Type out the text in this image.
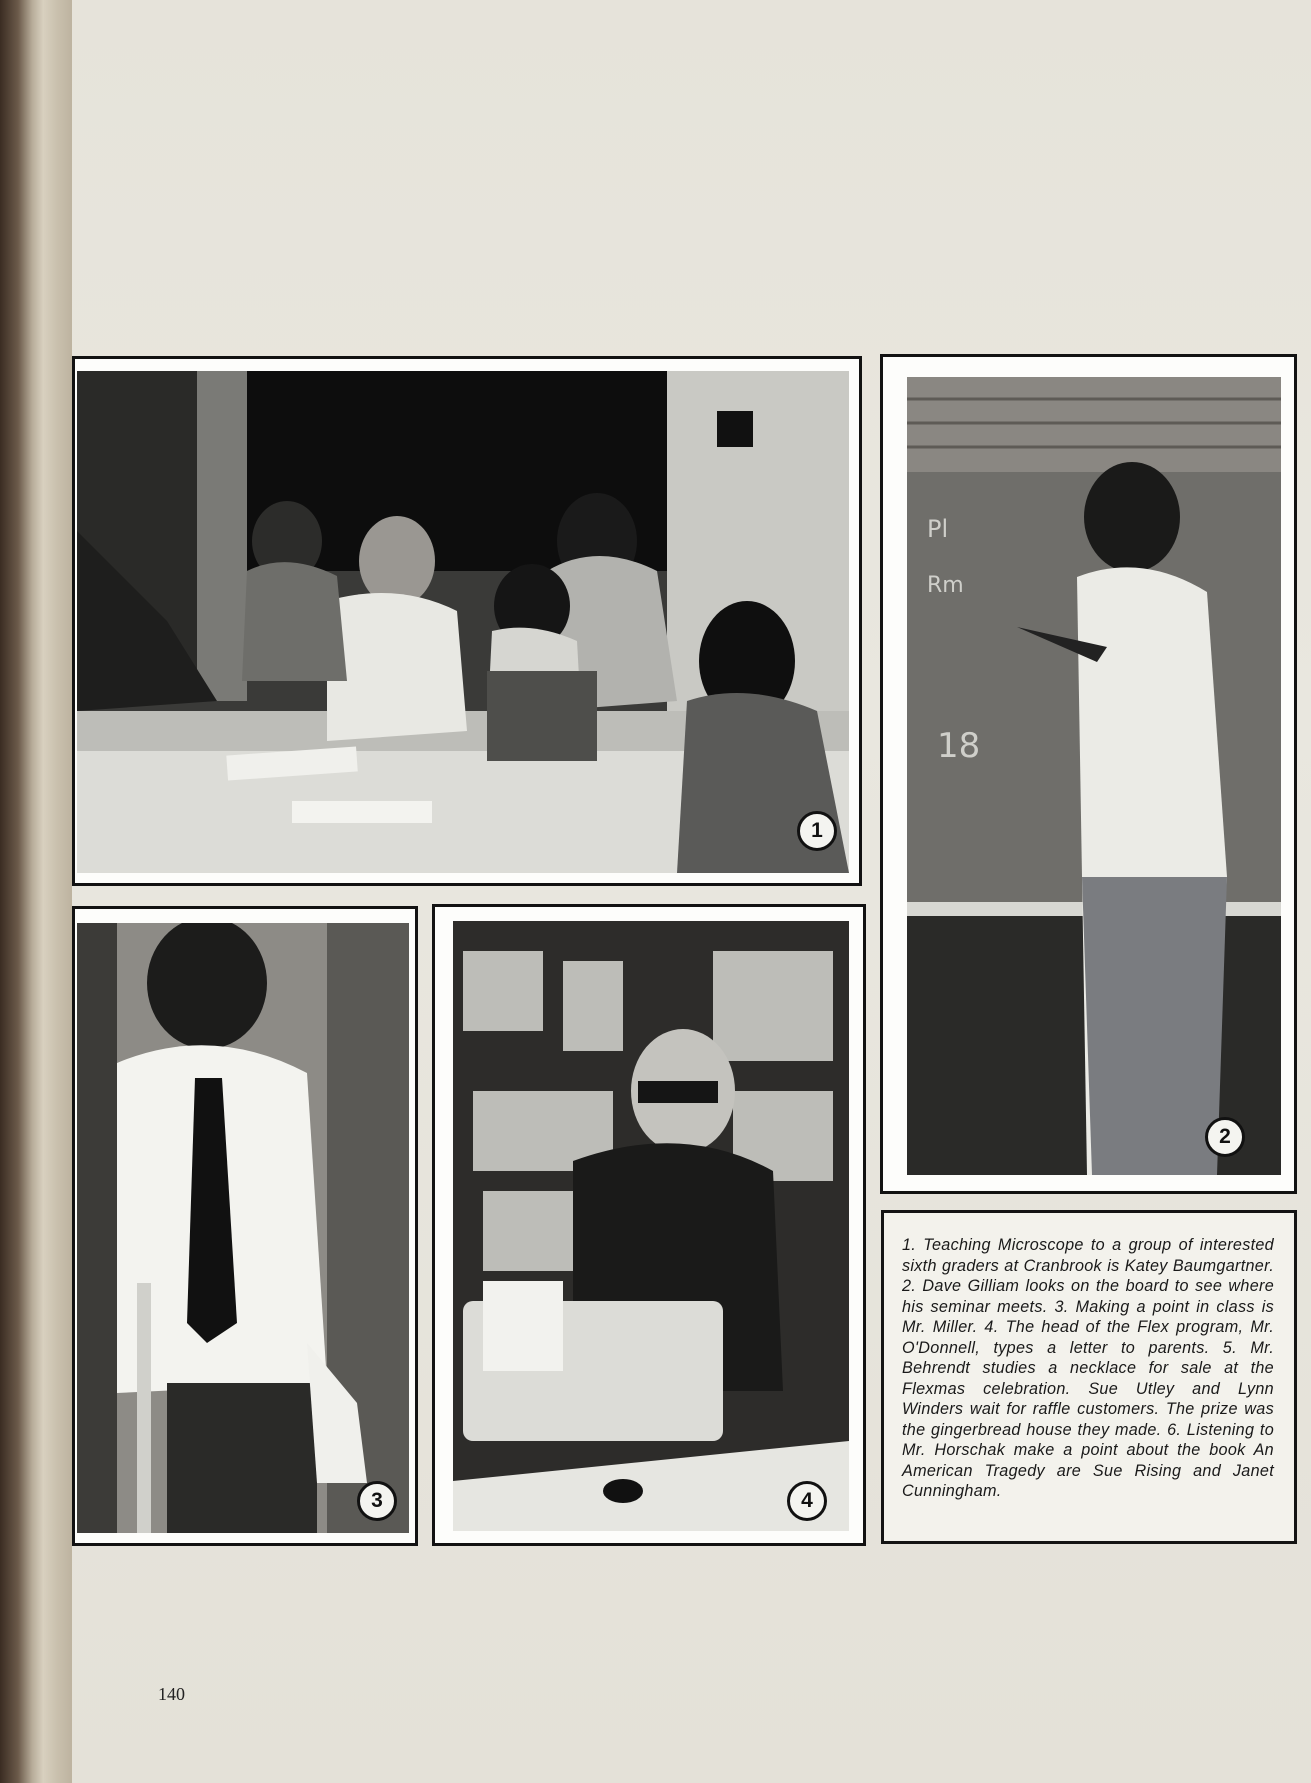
1
Pl
Rm
18
2
3	4
1. Teaching Microscope to a group of interested sixth graders at Cranbrook is Katey Baumgartner. 2. Dave Gilliam looks on the board to see where his seminar meets. 3. Making a point in class is Mr. Miller. 4. The head of the Flex program, Mr. O'Donnell, types a letter to parents. 5. Mr. Behrendt studies a necklace for sale at the Flexmas celebration. Sue Utley and Lynn Winders wait for raffle customers. The prize was the gingerbread house they made. 6. Listening to Mr. Horschak make a point about the book An American Tragedy are Sue Rising and Janet Cunningham.
140
